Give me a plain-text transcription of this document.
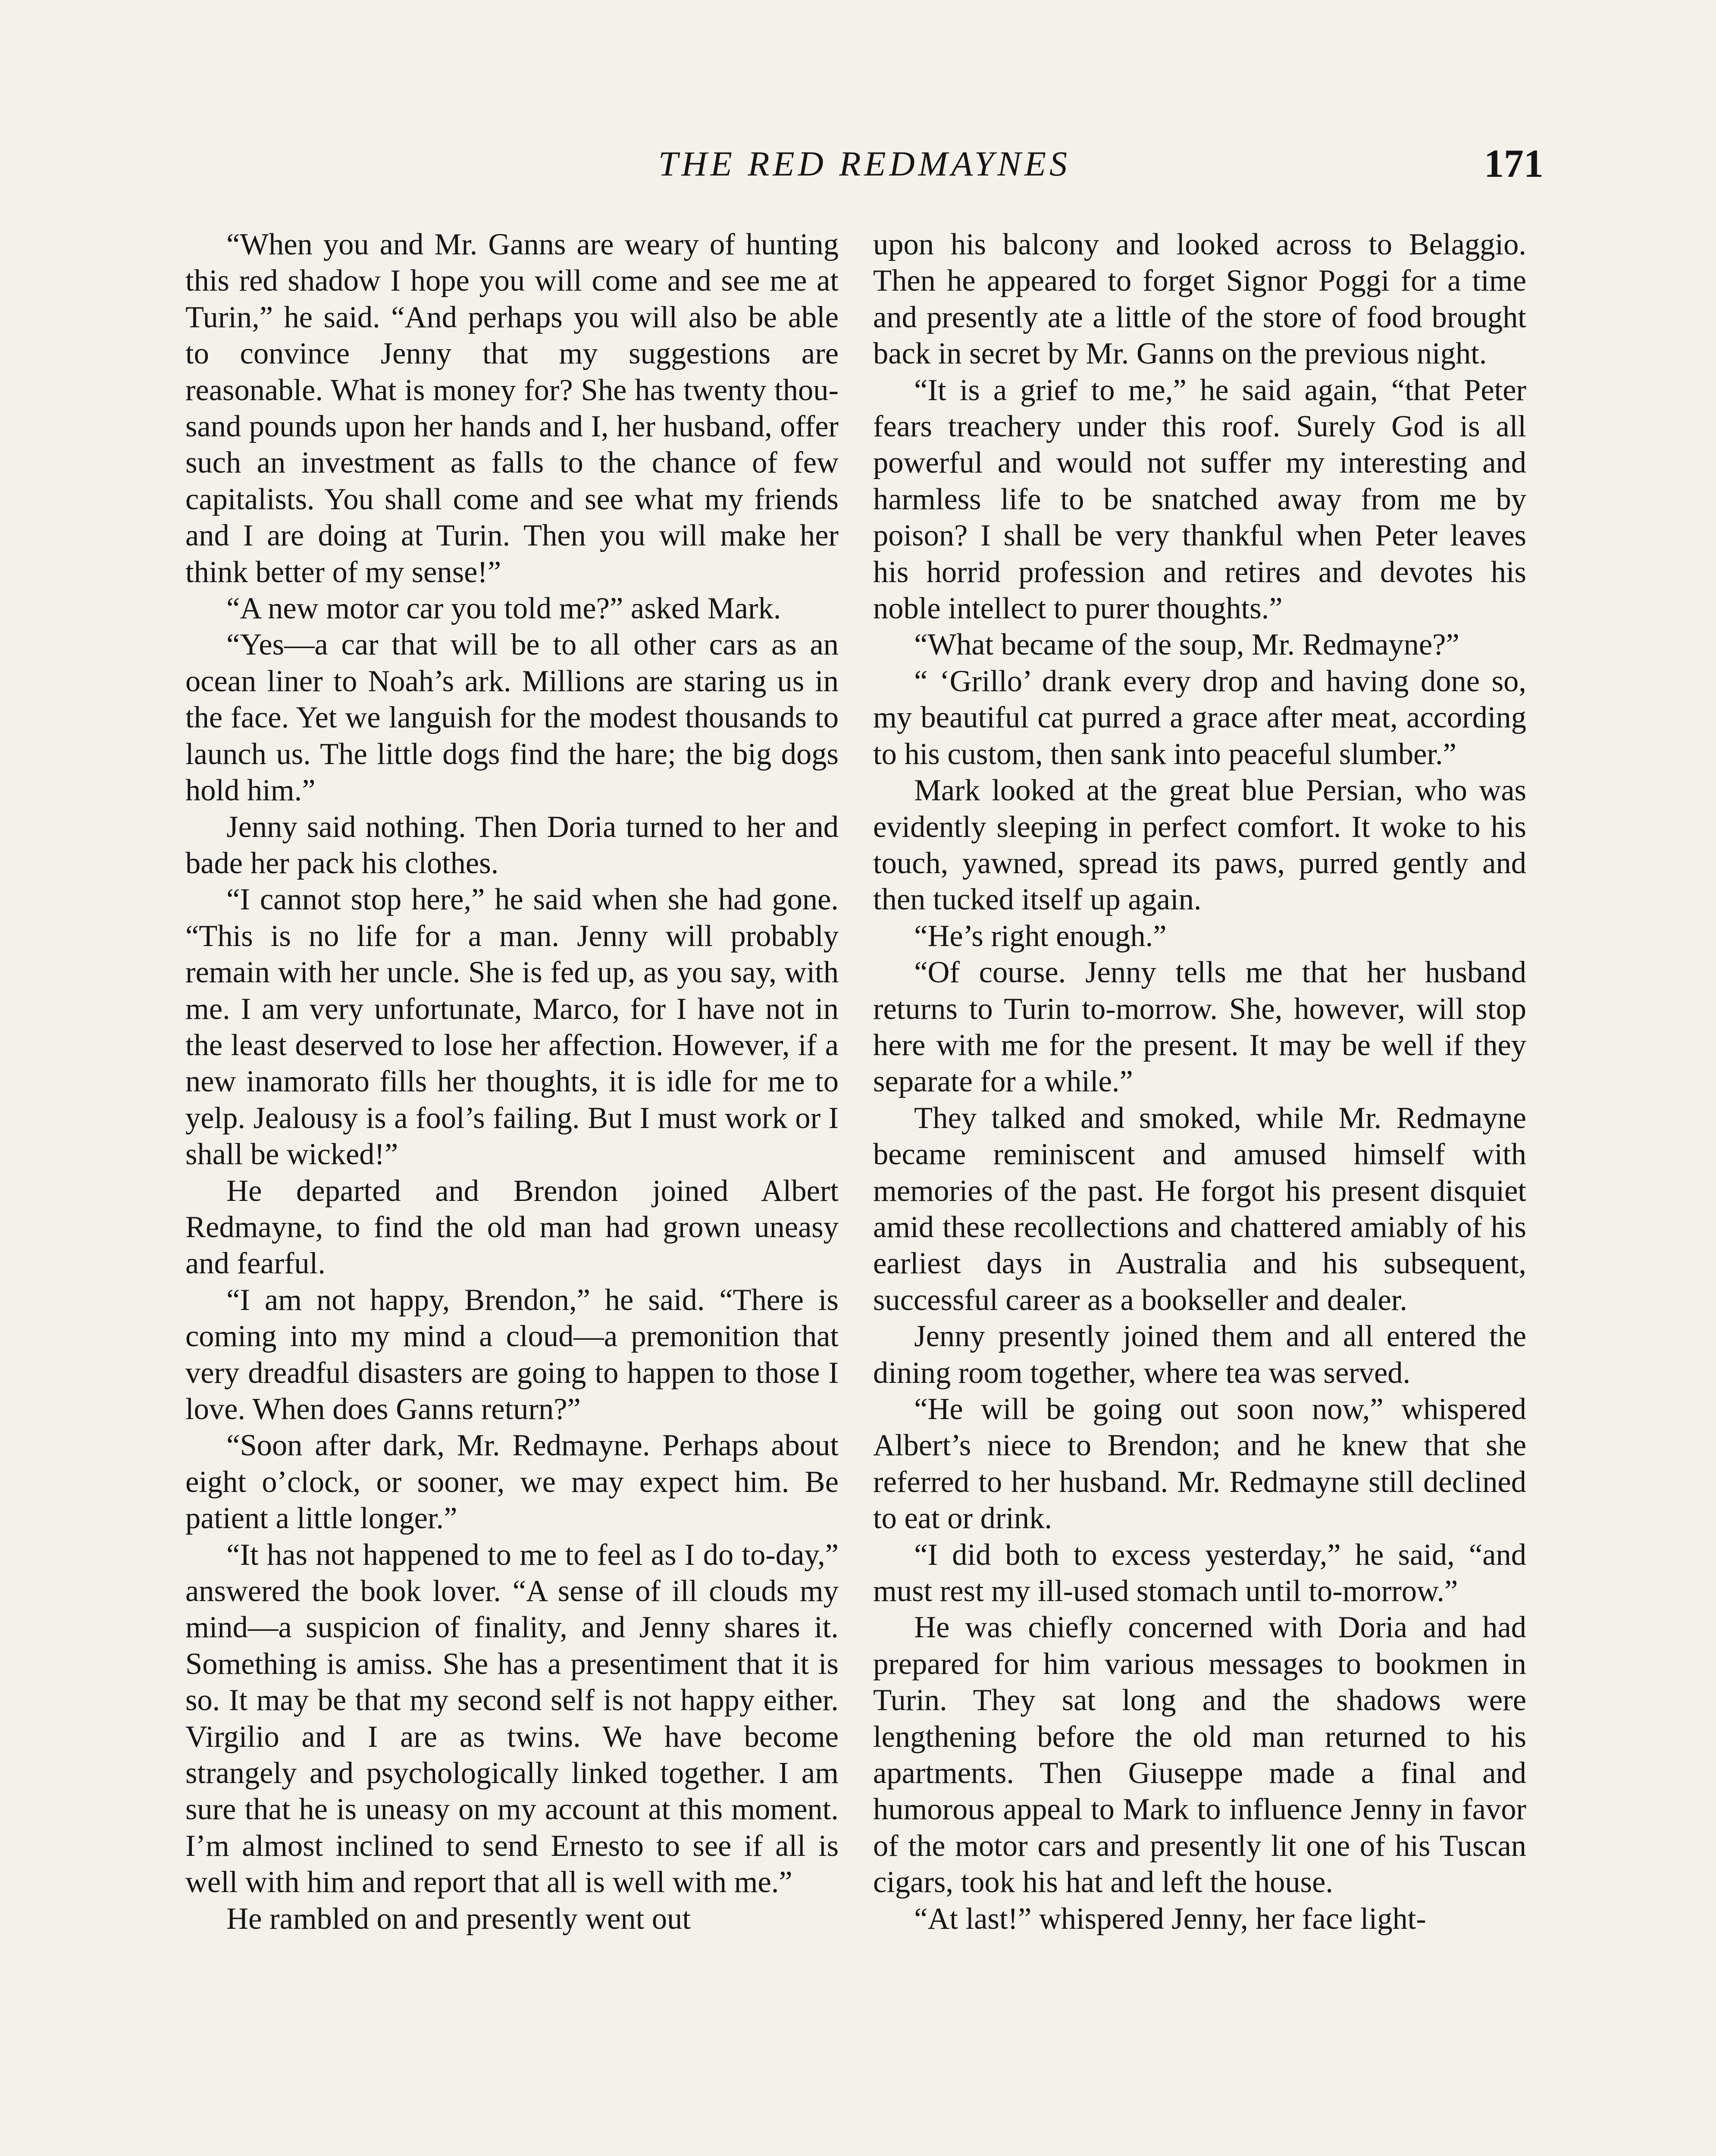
THE RED REDMAYNES	171

“When you and Mr. Ganns are weary of hunting this red shadow I hope you will come and see me at Turin,” he said. “And perhaps you will also be able to convince Jenny that my suggestions are reasonable. What is money for? She has twenty thousand pounds upon her hands and I, her husband, offer such an investment as falls to the chance of few capitalists. You shall come and see what my friends and I are doing at Turin. Then you will make her think better of my sense!”

“A new motor car you told me?” asked Mark.

“Yes—a car that will be to all other cars as an ocean liner to Noah’s ark. Millions are staring us in the face. Yet we languish for the modest thousands to launch us. The little dogs find the hare; the big dogs hold him.”

Jenny said nothing. Then Doria turned to her and bade her pack his clothes.

“I cannot stop here,” he said when she had gone. “This is no life for a man. Jenny will probably remain with her uncle. She is fed up, as you say, with me. I am very unfortunate, Marco, for I have not in the least deserved to lose her affection. However, if a new inamorato fills her thoughts, it is idle for me to yelp. Jealousy is a fool’s failing. But I must work or I shall be wicked!”

He departed and Brendon joined Albert Redmayne, to find the old man had grown uneasy and fearful.

“I am not happy, Brendon,” he said. “There is coming into my mind a cloud—a premonition that very dreadful disasters are going to happen to those I love. When does Ganns return?”

“Soon after dark, Mr. Redmayne. Perhaps about eight o’clock, or sooner, we may expect him. Be patient a little longer.”

“It has not happened to me to feel as I do to-day,” answered the book lover. “A sense of ill clouds my mind—a suspicion of finality, and Jenny shares it. Something is amiss. She has a presentiment that it is so. It may be that my second self is not happy either. Virgilio and I are as twins. We have become strangely and psychologically linked together. I am sure that he is uneasy on my account at this moment. I’m almost inclined to send Ernesto to see if all is well with him and report that all is well with me.”

He rambled on and presently went out

upon his balcony and looked across to Belaggio. Then he appeared to forget Signor Poggi for a time and presently ate a little of the store of food brought back in secret by Mr. Ganns on the previous night.

“It is a grief to me,” he said again, “that Peter fears treachery under this roof. Surely God is all powerful and would not suffer my interesting and harmless life to be snatched away from me by poison? I shall be very thankful when Peter leaves his horrid profession and retires and devotes his noble intellect to purer thoughts.”

“What became of the soup, Mr. Redmayne?”

“ ‘Grillo’ drank every drop and having done so, my beautiful cat purred a grace after meat, according to his custom, then sank into peaceful slumber.”

Mark looked at the great blue Persian, who was evidently sleeping in perfect comfort. It woke to his touch, yawned, spread its paws, purred gently and then tucked itself up again.

“He’s right enough.”

“Of course. Jenny tells me that her husband returns to Turin to-morrow. She, however, will stop here with me for the present. It may be well if they separate for a while.”

They talked and smoked, while Mr. Redmayne became reminiscent and amused himself with memories of the past. He forgot his present disquiet amid these recollections and chattered amiably of his earliest days in Australia and his subsequent, successful career as a bookseller and dealer.

Jenny presently joined them and all entered the dining room together, where tea was served.

“He will be going out soon now,” whispered Albert’s niece to Brendon; and he knew that she referred to her husband. Mr. Redmayne still declined to eat or drink.

“I did both to excess yesterday,” he said, “and must rest my ill-used stomach until to-morrow.”

He was chiefly concerned with Doria and had prepared for him various messages to bookmen in Turin. They sat long and the shadows were lengthening before the old man returned to his apartments. Then Giuseppe made a final and humorous appeal to Mark to influence Jenny in favor of the motor cars and presently lit one of his Tuscan cigars, took his hat and left the house.

“At last!” whispered Jenny, her face light-
